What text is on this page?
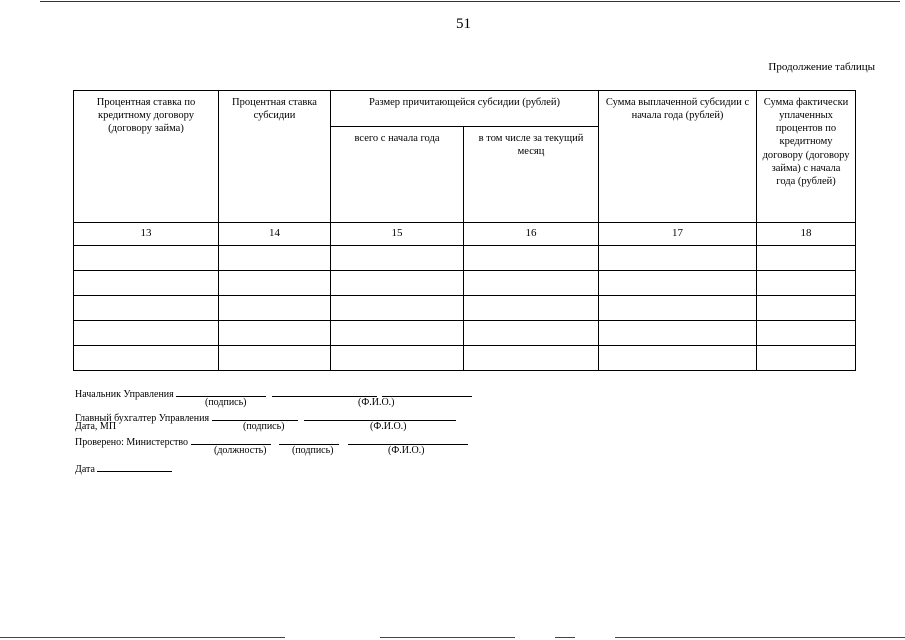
51
Продолжение таблицы
Процентная ставка по кредитному договору (договору займа)	Процентная ставка субсидии	Размер причитающейся субсидии (рублей)		Сумма выплаченной субсидии с начала года (рублей)	Сумма фактически уплаченных процентов по кредитному договору (договору займа) с начала года (рублей)
		всего с начала года	в том числе за текущий месяц		
13	14	15	16	17	18

Начальник Управления
(подпись)	(Ф.И.О.)
Главный бухгалтер Управления
Дата, МП	(подпись)	(Ф.И.О.)
Проверено: Министерство
(должность)	(подпись)	(Ф.И.О.)
Дата
